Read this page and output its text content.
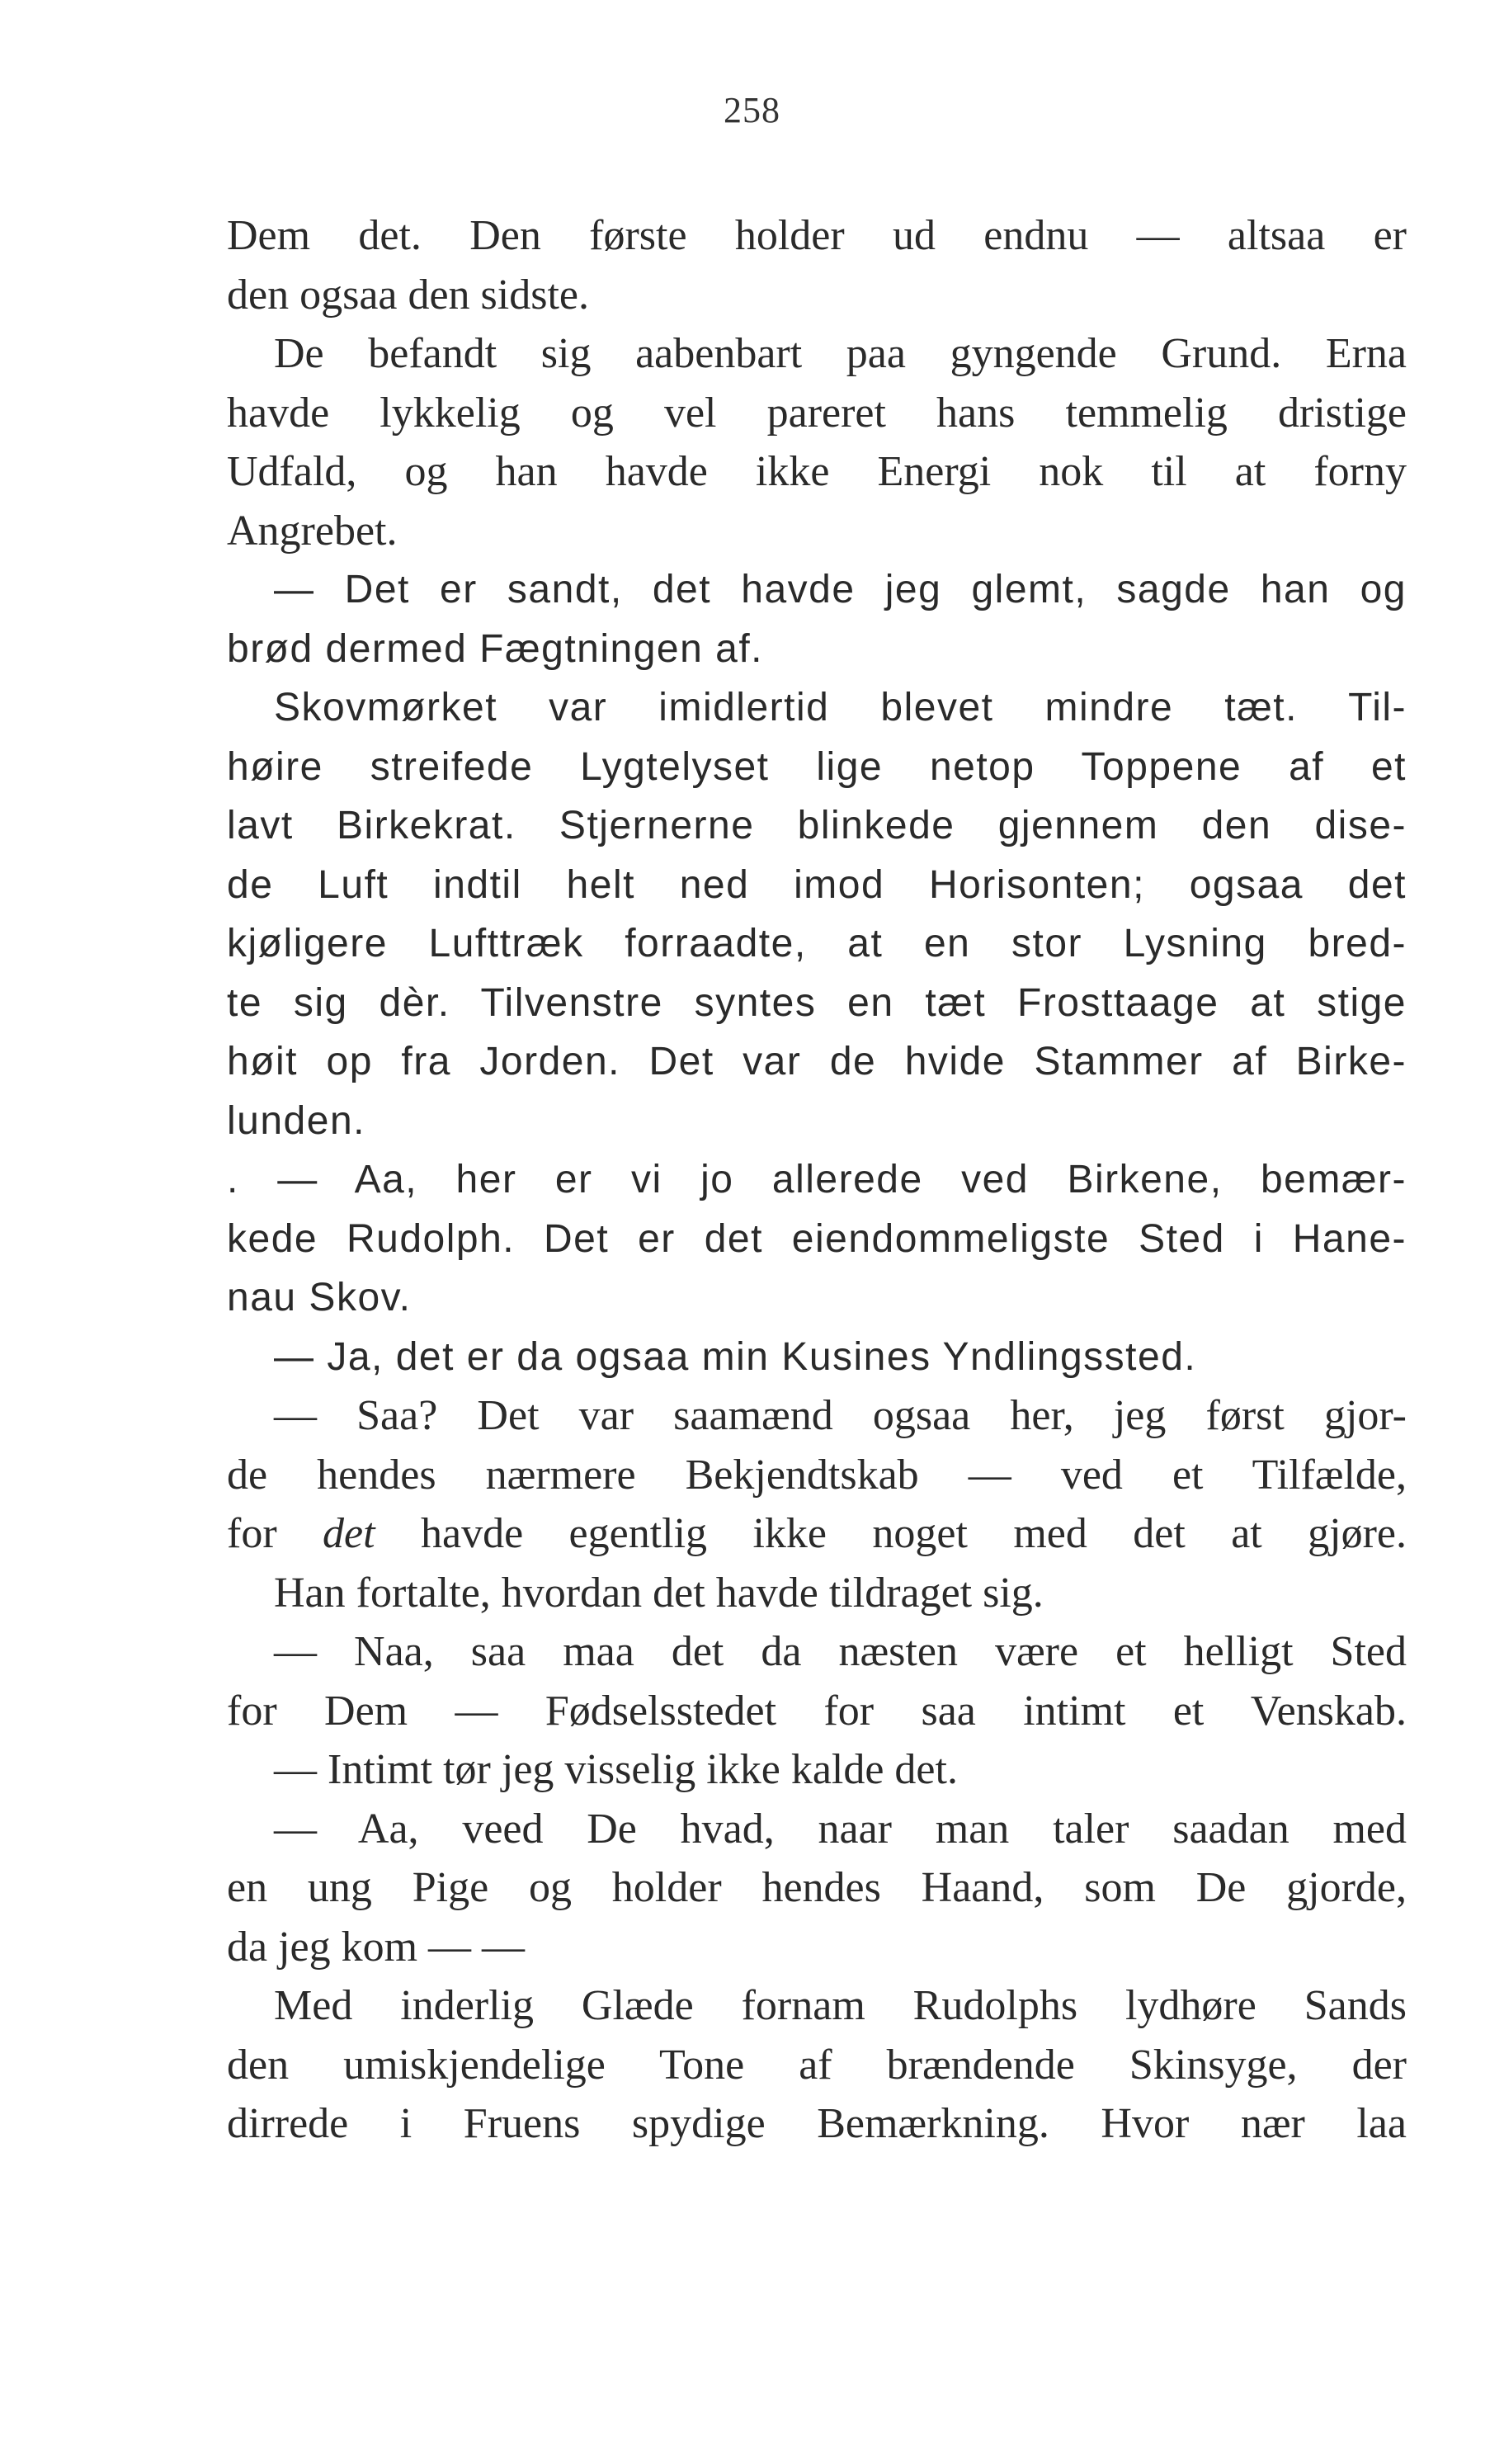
258
Dem det. Den første holder ud endnu — altsaa er
den ogsaa den sidste.
De befandt sig aabenbart paa gyngende Grund. Erna
havde lykkelig og vel pareret hans temmelig dristige
Udfald, og han havde ikke Energi nok til at forny
Angrebet.
— Det er sandt, det havde jeg glemt, sagde han og
brød dermed Fægtningen af.
Skovmørket var imidlertid blevet mindre tæt. Til-
høire streifede Lygtelyset lige netop Toppene af et
lavt Birkekrat. Stjernerne blinkede gjennem den dise-
de Luft indtil helt ned imod Horisonten; ogsaa det
kjøligere Lufttræk forraadte, at en stor Lysning bred-
te sig dèr. Tilvenstre syntes en tæt Frosttaage at stige
høit op fra Jorden. Det var de hvide Stammer af Birke-
lunden.
. — Aa, her er vi jo allerede ved Birkene, bemær-
kede Rudolph. Det er det eiendommeligste Sted i Hane-
nau Skov.
— Ja, det er da ogsaa min Kusines Yndlingssted.
— Saa? Det var saamænd ogsaa her, jeg først gjor-
de hendes nærmere Bekjendtskab — ved et Tilfælde,
for det havde egentlig ikke noget med det at gjøre.
Han fortalte, hvordan det havde tildraget sig.
— Naa, saa maa det da næsten være et helligt Sted
for Dem — Fødselsstedet for saa intimt et Venskab.
— Intimt tør jeg visselig ikke kalde det.
— Aa, veed De hvad, naar man taler saadan med
en ung Pige og holder hendes Haand, som De gjorde,
da jeg kom — —
Med inderlig Glæde fornam Rudolphs lydhøre Sands
den umiskjendelige Tone af brændende Skinsyge, der
dirrede i Fruens spydige Bemærkning. Hvor nær laa
